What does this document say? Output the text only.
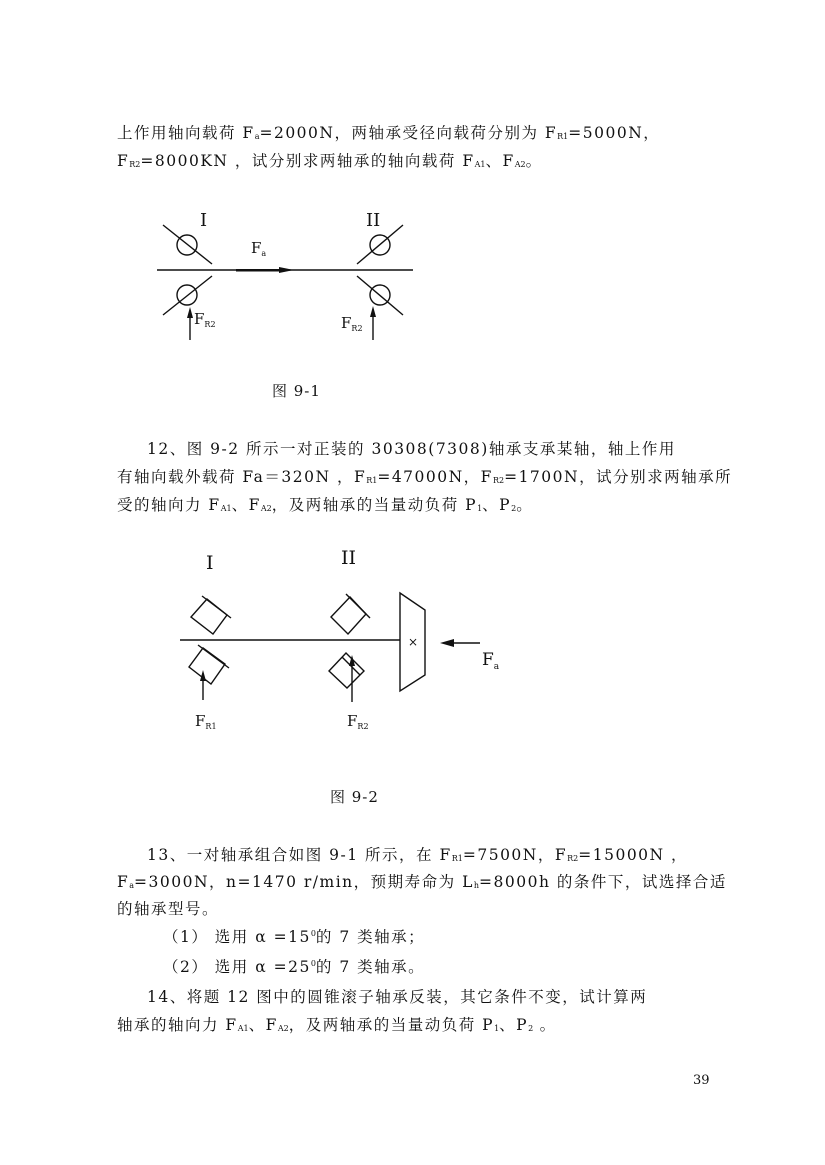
上作用轴向载荷 $F_a=2000N$，两轴承受径向载荷分别为 $F_{R1}=5000N$，
$F_{R2}=8000KN$ ，试分别求两轴承的轴向载荷 $F_{A1}$、$F_{A2}$。
I	II
$F_a$
$F_{R2}$	$F_{R2}$
图 9-1
12、图 9-2 所示一对正装的 30308(7308)轴承支承某轴，轴上作用
有轴向载外载荷 Fa＝320N ，$F_{R1}=47000N$，$F_{R2}=1700N$，试分别求两轴承所
受的轴向力 $F_{A1}$、$F_{A2}$，及两轴承的当量动负荷 $P_1$、$P_2$。
×
I	II
$F_a$
$F_{R1}$	$F_{R2}$
图 9-2
13、一对轴承组合如图 9-1 所示，在 $F_{R1}=7500N$，$F_{R2}=15000N$ ，
$F_a=3000N$，n=1470 r/min，预期寿命为 $L_h=8000h$ 的条件下，试选择合适
的轴承型号。
（1） 选用 $\alpha =15^0$的 7 类轴承；
（2） 选用 $\alpha =25^0$的 7 类轴承。
14、将题 12 图中的圆锥滚子轴承反装，其它条件不变，试计算两
轴承的轴向力 $F_{A1}$、$F_{A2}$，及两轴承的当量动负荷 $P_1$、$P_2$ 。
39
